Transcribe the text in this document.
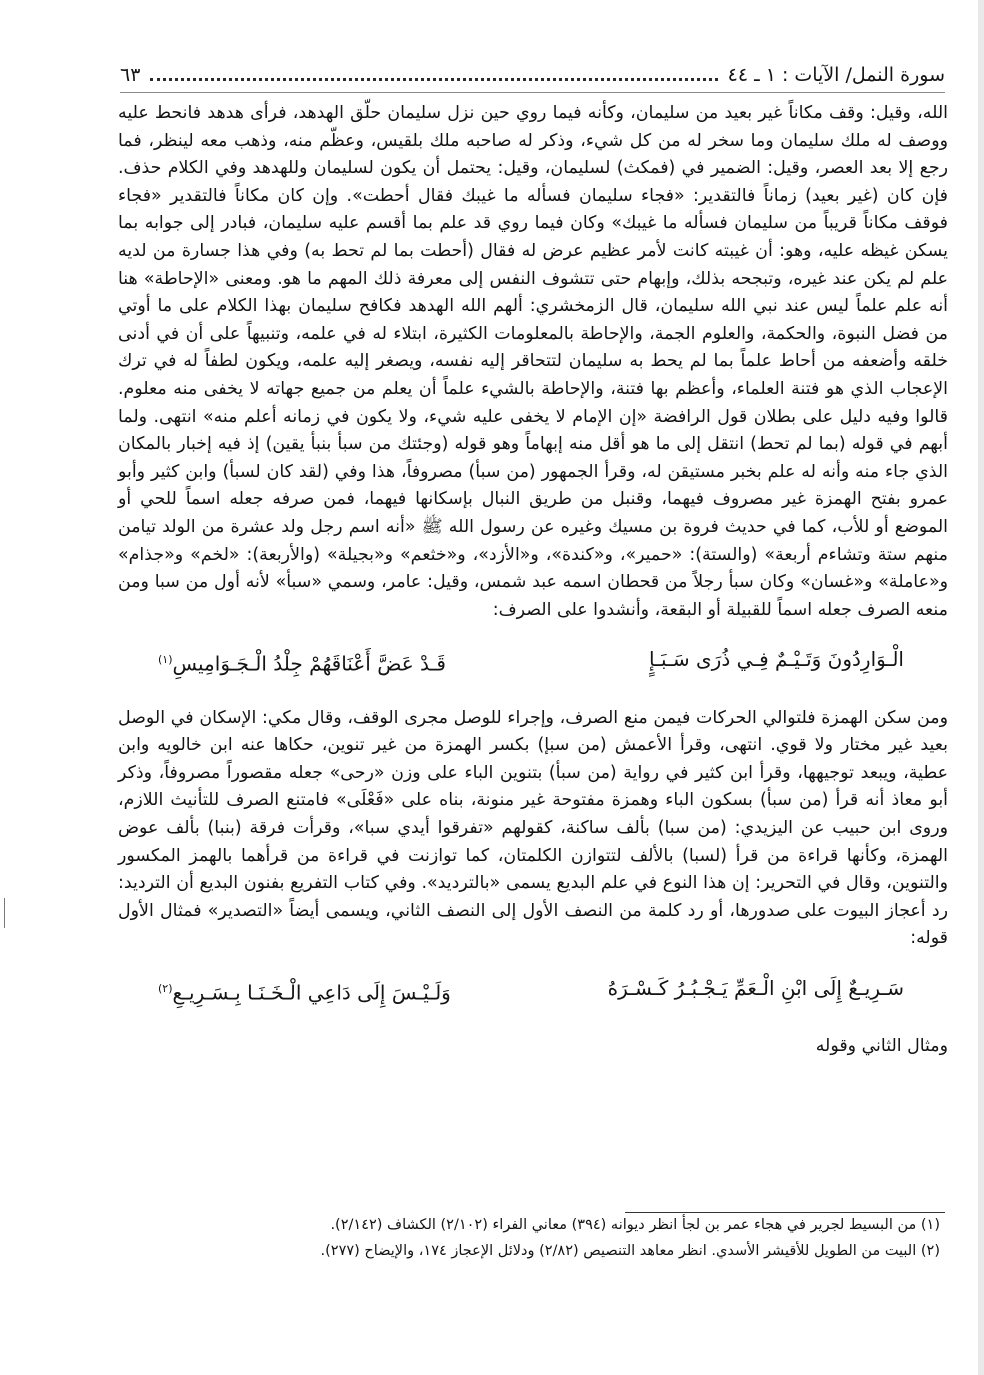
سورة النمل/ الآيات : ١ ـ ٤٤
٦٣

الله، وقيل: وقف مكاناً غير بعيد من سليمان، وكأنه فيما روي حين نزل سليمان حلّق الهدهد، فرأى هدهد فانحط عليه ووصف له ملك سليمان وما سخر له من كل شيء، وذكر له صاحبه ملك بلقيس، وعظّم منه، وذهب معه لينظر، فما رجع إلا بعد العصر، وقيل: الضمير في (فمكث) لسليمان، وقيل: يحتمل أن يكون لسليمان وللهدهد وفي الكلام حذف. فإن كان (غير بعيد) زماناً فالتقدير: «فجاء سليمان فسأله ما غيبك فقال أحطت». وإن كان مكاناً فالتقدير «فجاء فوقف مكاناً قريباً من سليمان فسأله ما غيبك» وكان فيما روي قد علم بما أقسم عليه سليمان، فبادر إلى جوابه بما يسكن غيظه عليه، وهو: أن غيبته كانت لأمر عظيم عرض له فقال (أحطت بما لم تحط به) وفي هذا جسارة من لديه علم لم يكن عند غيره، وتبجحه بذلك، وإبهام حتى تتشوف النفس إلى معرفة ذلك المهم ما هو. ومعنى «الإحاطة» هنا أنه علم علماً ليس عند نبي الله سليمان، قال الزمخشري: ألهم الله الهدهد فكافح سليمان بهذا الكلام على ما أوتي من فضل النبوة، والحكمة، والعلوم الجمة، والإحاطة بالمعلومات الكثيرة، ابتلاء له في علمه، وتنبيهاً على أن في أدنى خلقه وأضعفه من أحاط علماً بما لم يحط به سليمان لتتحاقر إليه نفسه، ويصغر إليه علمه، ويكون لطفاً له في ترك الإعجاب الذي هو فتنة العلماء، وأعظم بها فتنة، والإحاطة بالشيء علماً أن يعلم من جميع جهاته لا يخفى منه معلوم. قالوا وفيه دليل على بطلان قول الرافضة «إن الإمام لا يخفى عليه شيء، ولا يكون في زمانه أعلم منه» انتهى. ولما أبهم في قوله (بما لم تحط) انتقل إلى ما هو أقل منه إبهاماً وهو قوله (وجئتك من سبأ بنبأ يقين) إذ فيه إخبار بالمكان الذي جاء منه وأنه له علم بخبر مستيقن له، وقرأ الجمهور (من سبأ) مصروفاً، هذا وفي (لقد كان لسبأ) وابن كثير وأبو عمرو بفتح الهمزة غير مصروف فيهما، وقنبل من طريق النبال بإسكانها فيهما، فمن صرفه جعله اسماً للحي أو الموضع أو للأب، كما في حديث فروة بن مسيك وغيره عن رسول الله ﷺ «أنه اسم رجل ولد عشرة من الولد تيامن منهم ستة وتشاءم أربعة» (والستة): «حمير»، و«كندة»، و«الأزد»، و«خثعم» و«بجيلة» (والأربعة): «لخم» و«جذام» و«عاملة» و«غسان» وكان سبأ رجلاً من قحطان اسمه عبد شمس، وقيل: عامر، وسمي «سبأ» لأنه أول من سبا ومن منعه الصرف جعله اسماً للقبيلة أو البقعة، وأنشدوا على الصرف:

الْـوَارِدُونَ وَتَـيْـمٌ فِـي ذُرَى سَـبَـإٍ
قَـدْ عَضَّ أَعْنَاقَهُمْ جِلْدُ الْـجَـوَامِيسِ$^{(١)}$

ومن سكن الهمزة فلتوالي الحركات فيمن منع الصرف، وإجراء للوصل مجرى الوقف، وقال مكي: الإسكان في الوصل بعيد غير مختار ولا قوي. انتهى، وقرأ الأعمش (من سبإ) بكسر الهمزة من غير تنوين، حكاها عنه ابن خالويه وابن عطية، ويبعد توجيهها، وقرأ ابن كثير في رواية (من سبأ) بتنوين الباء على وزن «رحى» جعله مقصوراً مصروفاً، وذكر أبو معاذ أنه قرأ (من سبأ) بسكون الباء وهمزة مفتوحة غير منونة، بناه على «فَعْلَى» فامتنع الصرف للتأنيث اللازم، وروى ابن حبيب عن اليزيدي: (من سبا) بألف ساكنة، كقولهم «تفرقوا أيدي سبا»، وقرأت فرقة (بنبا) بألف عوض الهمزة، وكأنها قراءة من قرأ (لسبا) بالألف لتتوازن الكلمتان، كما توازنت في قراءة من قرأهما بالهمز المكسور والتنوين، وقال في التحرير: إن هذا النوع في علم البديع يسمى «بالترديد». وفي كتاب التفريع بفنون البديع أن الترديد: رد أعجاز البيوت على صدورها، أو رد كلمة من النصف الأول إلى النصف الثاني، ويسمى أيضاً «التصدير» فمثال الأول قوله:

سَـرِيـعٌ إِلَى ابْنِ الْـعَمِّ يَـجْـبُـرُ كَـسْـرَهُ
وَلَـيْـسَ إِلَى دَاعِي الْـخَـنَـا بِـسَـرِيـعِ$^{(٢)}$

ومثال الثاني وقوله

(١) من البسيط لجرير في هجاء عمر بن لجأ انظر ديوانه (٣٩٤) معاني الفراء (٢/١٠٢) الكشاف (٢/١٤٢).
(٢) البيت من الطويل للأقيشر الأسدي. انظر معاهد التنصيص (٢/٨٢) ودلائل الإعجاز ١٧٤، والإيضاح (٢٧٧).
